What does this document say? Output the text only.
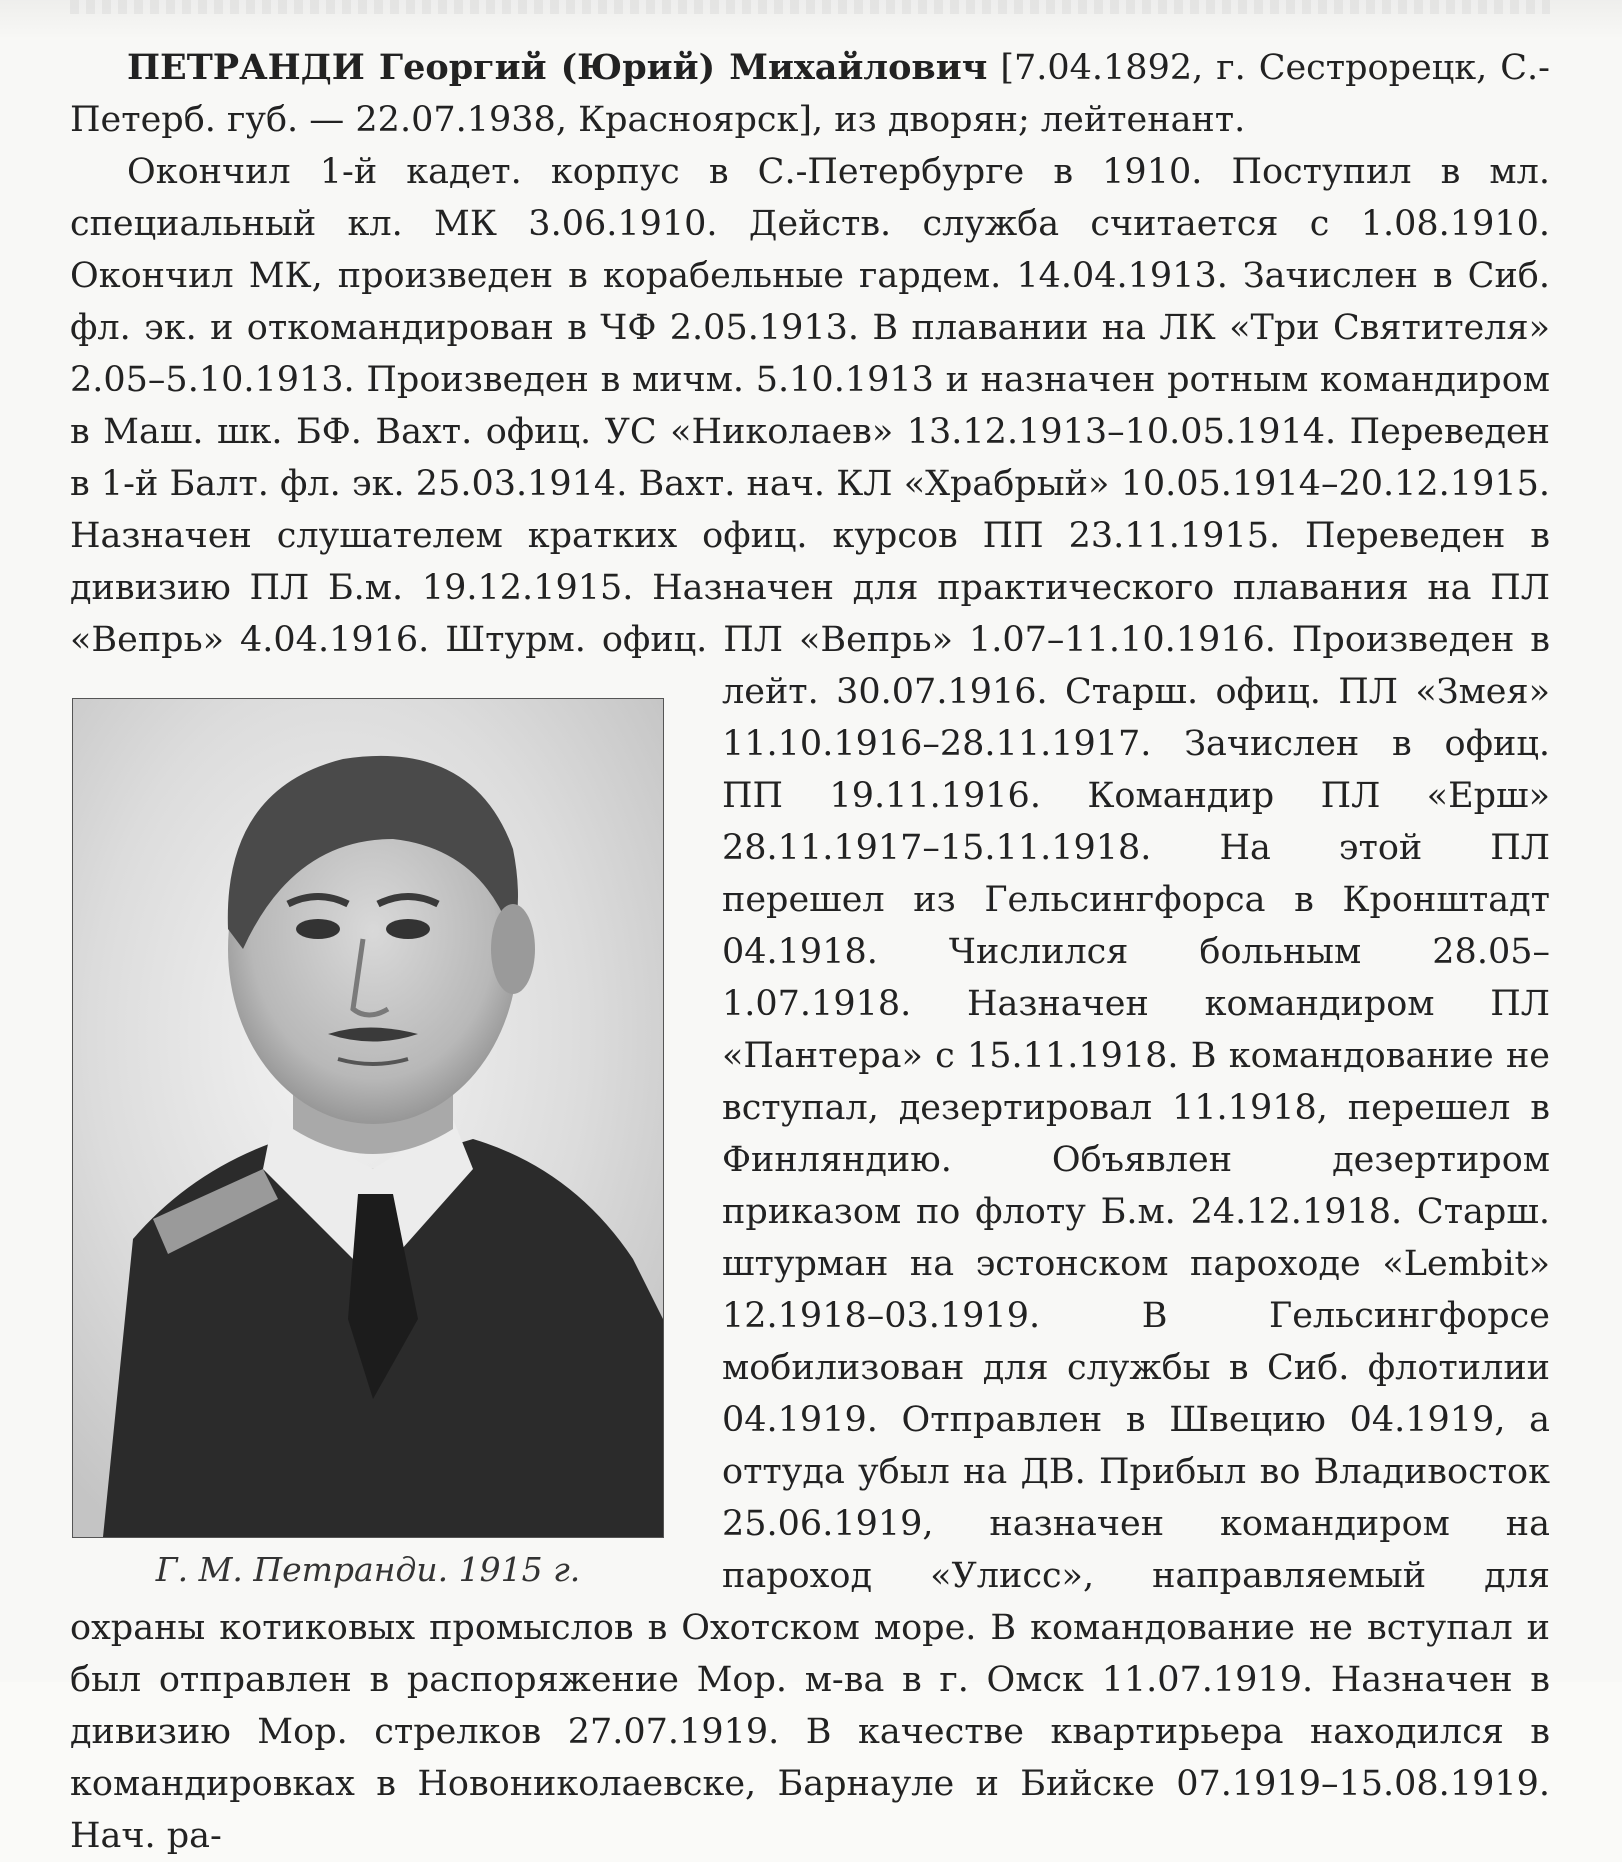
ПЕТРАНДИ Георгий (Юрий) Михайлович [7.04.1892, г. Сестрорецк, С.-Петерб. губ. — 22.07.1938, Красноярск], из дворян; лейтенант.

Окончил 1-й кадет. корпус в С.-Петербурге в 1910. Поступил в мл. специальный кл. МК 3.06.1910. Действ. служба считается с 1.08.1910. Окончил МК, произведен в корабельные гардем. 14.04.1913. Зачислен в Сиб. фл. эк. и откомандирован в ЧФ 2.05.1913. В плавании на ЛК «Три Святителя» 2.05–5.10.1913. Произведен в мичм. 5.10.1913 и назначен ротным командиром в Маш. шк. БФ. Вахт. офиц. УС «Николаев» 13.12.1913–10.05.1914. Переведен в 1-й Балт. фл. эк. 25.03.1914. Вахт. нач. КЛ «Храбрый» 10.05.1914–20.12.1915. Назначен слушателем кратких офиц. курсов ПП 23.11.1915. Переведен в дивизию ПЛ Б.м. 19.12.1915. Назначен для практического плавания на ПЛ «Вепрь» 4.04.1916. Штурм. офиц. ПЛ «Вепрь» 1.07–11.10.1916. Произведен в лейт. 30.07.1916. Старш. офиц. ПЛ «Змея» 11.10.1916–28.11.1917. Зачислен в офиц. ПП 19.11.1916. Командир ПЛ «Ерш» 28.11.1917–15.11.1918. На этой ПЛ перешел из Гельсингфорса в Кронштадт 04.1918. Числился больным 28.05–1.07.1918. Назначен командиром ПЛ «Пантера» с 15.11.1918. В командование не вступал, дезертировал 11.1918, перешел в Финляндию. Объявлен дезертиром приказом по флоту Б.м. 24.12.1918. Старш. штурман на эстонском пароходе «Lembit» 12.1918–03.1919. В Гельсингфорсе мобилизован для службы в Сиб. флотилии 04.1919. Отправлен в Швецию 04.1919, а оттуда убыл на ДВ. Прибыл во Владивосток 25.06.1919, назначен командиром на пароход «Улисс», направляемый для охраны котиковых промыслов в Охотском море. В командование не вступал и был отправлен в распоряжение Мор. м-ва в г. Омск 11.07.1919. Назначен в дивизию Мор. стрелков 27.07.1919. В качестве квартирьера находился в командировках в Новониколаевске, Барнауле и Бийске 07.1919–15.08.1919. Нач. ра-

Г. М. Петранди. 1915 г.
